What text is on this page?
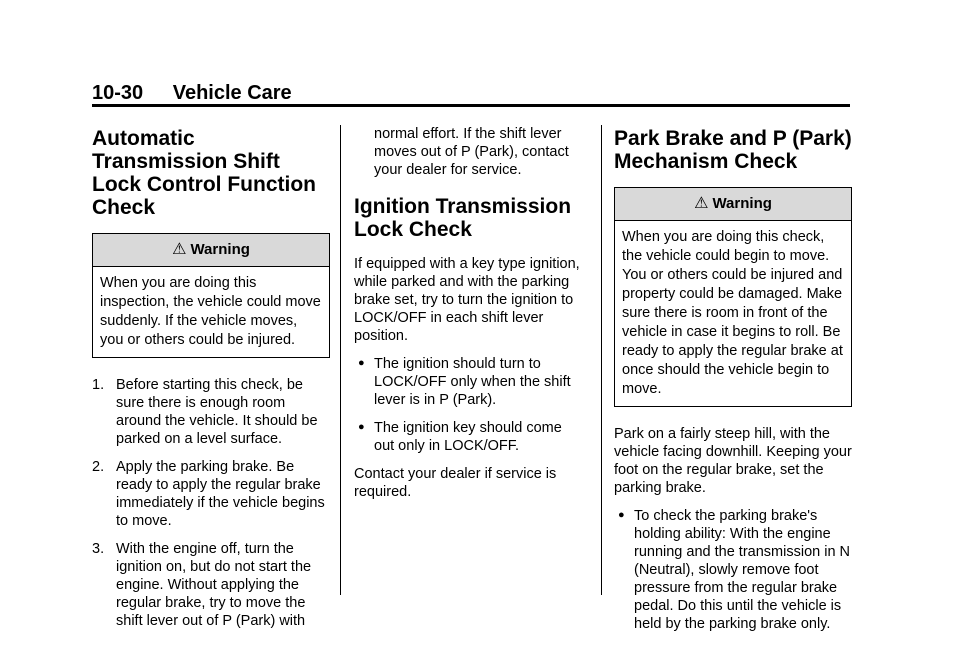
10-30 Vehicle Care
Automatic Transmission Shift Lock Control Function Check
⚠ Warning
When you are doing this inspection, the vehicle could move suddenly. If the vehicle moves, you or others could be injured.
1. Before starting this check, be sure there is enough room around the vehicle. It should be parked on a level surface.
2. Apply the parking brake. Be ready to apply the regular brake immediately if the vehicle begins to move.
3. With the engine off, turn the ignition on, but do not start the engine. Without applying the regular brake, try to move the shift lever out of P (Park) with

normal effort. If the shift lever moves out of P (Park), contact your dealer for service.

Ignition Transmission Lock Check

If equipped with a key type ignition, while parked and with the parking brake set, try to turn the ignition to LOCK/OFF in each shift lever position.

● The ignition should turn to LOCK/OFF only when the shift lever is in P (Park).
● The ignition key should come out only in LOCK/OFF.

Contact your dealer if service is required.

Park Brake and P (Park) Mechanism Check
⚠ Warning
When you are doing this check, the vehicle could begin to move. You or others could be injured and property could be damaged. Make sure there is room in front of the vehicle in case it begins to roll. Be ready to apply the regular brake at once should the vehicle begin to move.

Park on a fairly steep hill, with the vehicle facing downhill. Keeping your foot on the regular brake, set the parking brake.

● To check the parking brake's holding ability: With the engine running and the transmission in N (Neutral), slowly remove foot pressure from the regular brake pedal. Do this until the vehicle is held by the parking brake only.
